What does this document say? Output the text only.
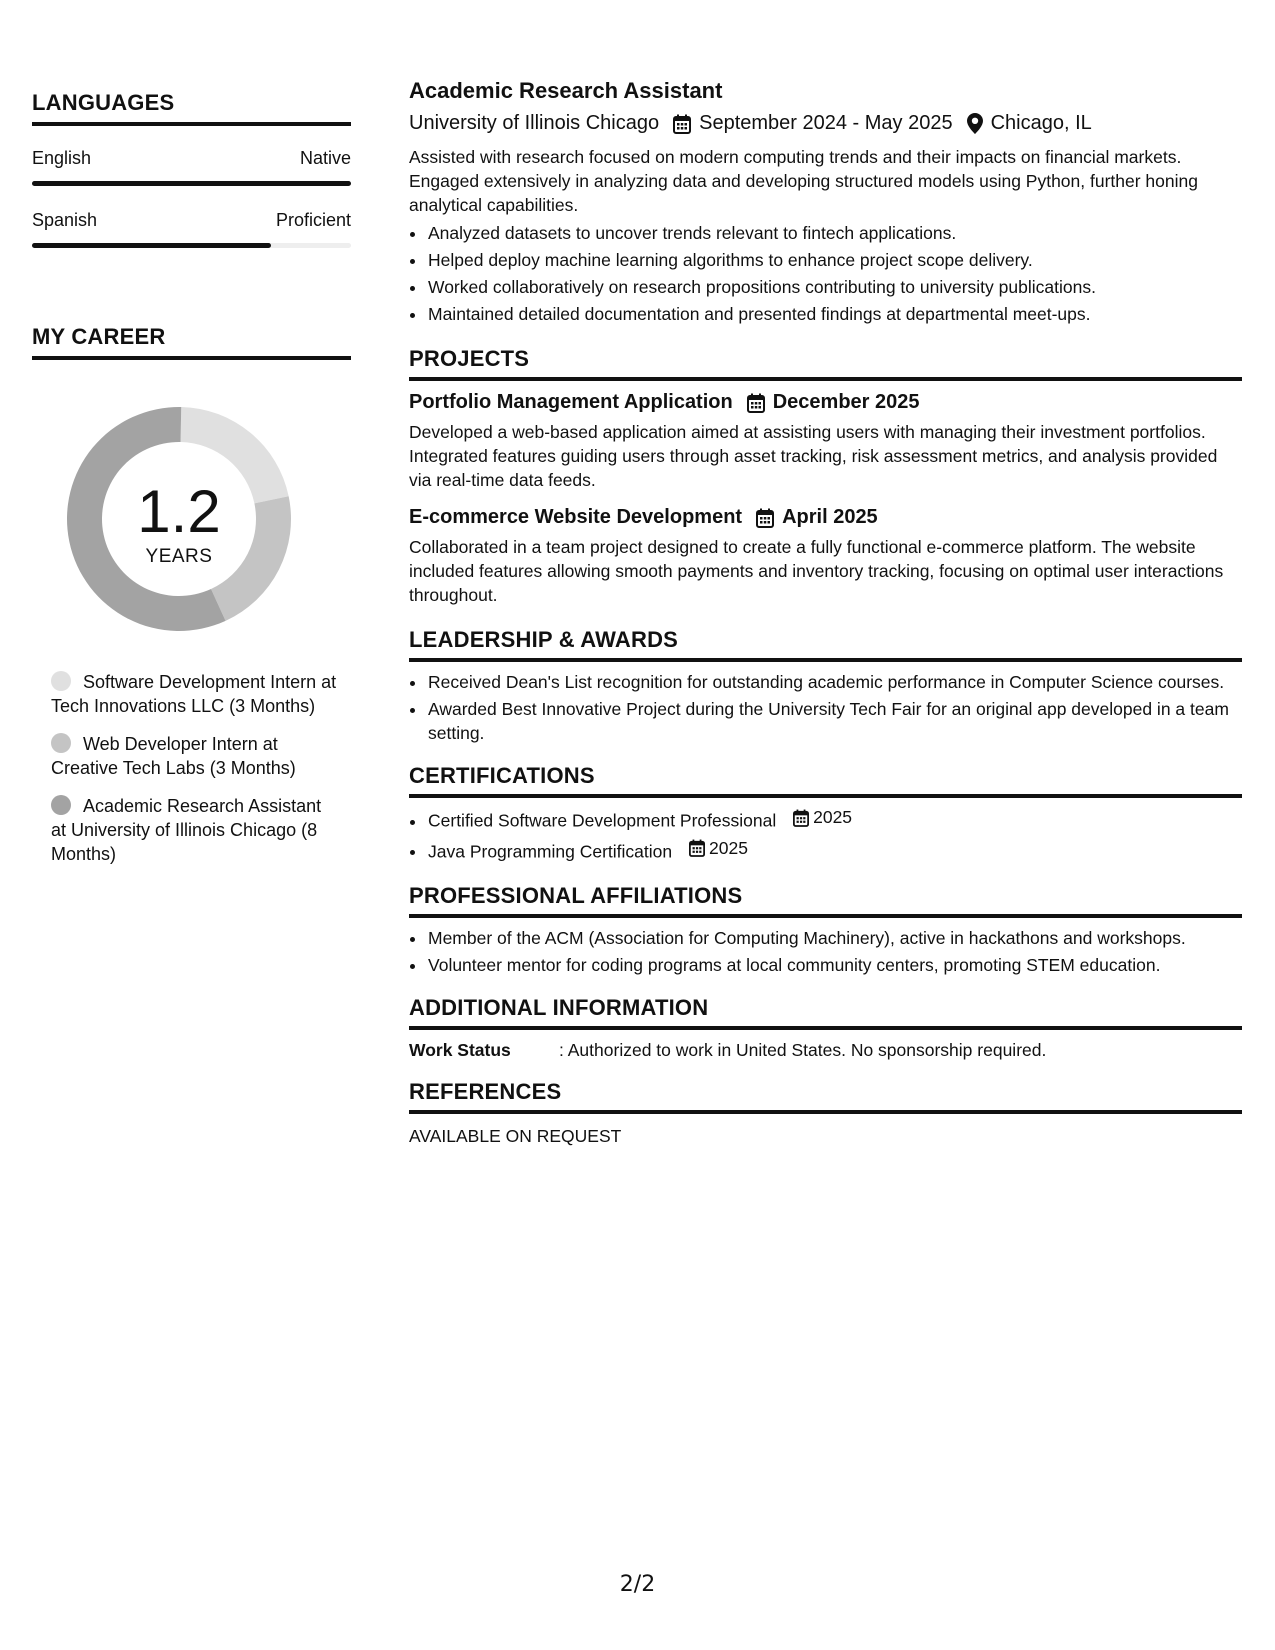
LANGUAGES
English	Native
Spanish	Proficient
MY CAREER
1.2
YEARS
Software Development Intern at Tech Innovations LLC (3 Months)
Web Developer Intern at Creative Tech Labs (3 Months)
Academic Research Assistant at University of Illinois Chicago (8 Months)
Academic Research Assistant
University of Illinois Chicago September 2024 - May 2025 Chicago, IL
Assisted with research focused on modern computing trends and their impacts on financial markets. Engaged extensively in analyzing data and developing structured models using Python, further honing analytical capabilities.
• Analyzed datasets to uncover trends relevant to fintech applications.
• Helped deploy machine learning algorithms to enhance project scope delivery.
• Worked collaboratively on research propositions contributing to university publications.
• Maintained detailed documentation and presented findings at departmental meet-ups.
PROJECTS
Portfolio Management Application December 2025
Developed a web-based application aimed at assisting users with managing their investment portfolios. Integrated features guiding users through asset tracking, risk assessment metrics, and analysis provided via real-time data feeds.
E-commerce Website Development April 2025
Collaborated in a team project designed to create a fully functional e-commerce platform. The website included features allowing smooth payments and inventory tracking, focusing on optimal user interactions throughout.
LEADERSHIP & AWARDS
• Received Dean's List recognition for outstanding academic performance in Computer Science courses.
• Awarded Best Innovative Project during the University Tech Fair for an original app developed in a team setting.
CERTIFICATIONS
• Certified Software Development Professional 2025
• Java Programming Certification 2025
PROFESSIONAL AFFILIATIONS
• Member of the ACM (Association for Computing Machinery), active in hackathons and workshops.
• Volunteer mentor for coding programs at local community centers, promoting STEM education.
ADDITIONAL INFORMATION
Work Status	: Authorized to work in United States. No sponsorship required.
REFERENCES
AVAILABLE ON REQUEST
2/2
